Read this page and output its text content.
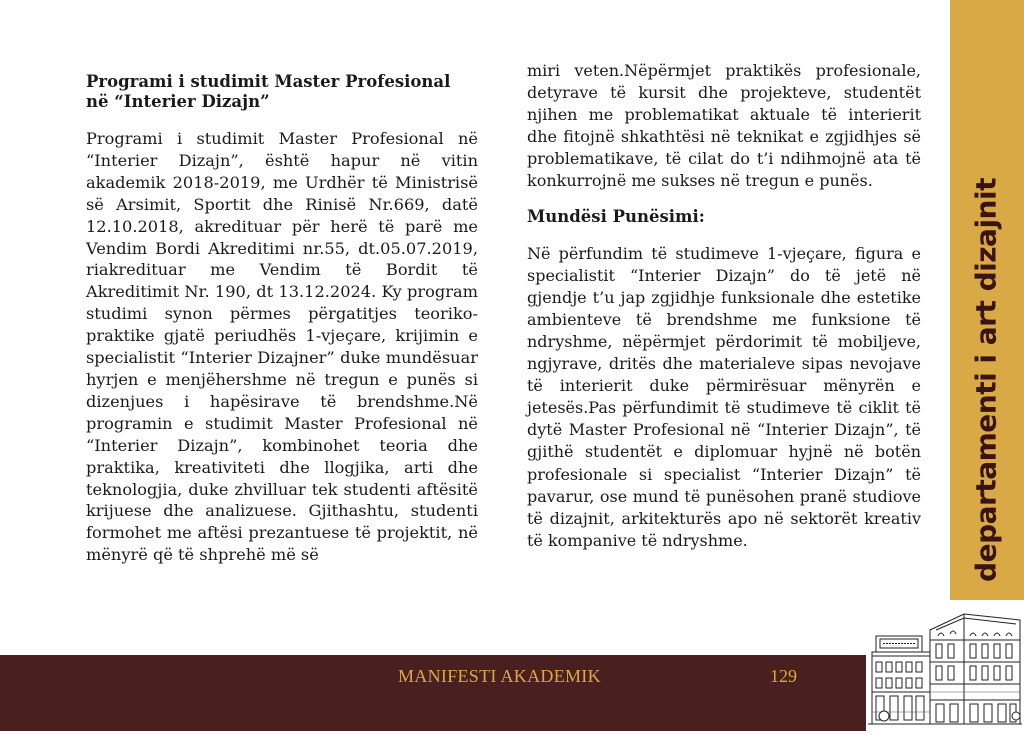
Programi i studimit Master Profesional
në “Interier Dizajn”

Programi i studimit Master Profesional në “Interier Dizajn”, është hapur në vitin akademik 2018-2019, me Urdhër të Ministrisë së Arsimit, Sportit dhe Rinisë Nr.669, datë 12.10.2018, akredituar për herë të parë me Vendim Bordi Akreditimi nr.55, dt.05.07.2019, riakredituar me Vendim të Bordit të Akreditimit Nr. 190, dt 13.12.2024. Ky program studimi synon përmes përgatitjes teoriko-praktike gjatë periudhës 1-vjeçare, krijimin e specialistit “Interier Dizajner” duke mundësuar hyrjen e menjëhershme në tregun e punës si dizenjues i hapësirave të brendshme.Në programin e studimit Master Profesional në “Interier Dizajn”, kombinohet teoria dhe praktika, kreativiteti dhe llogjika, arti dhe teknologjia, duke zhvilluar tek studenti aftësitë krijuese dhe analizuese. Gjithashtu, studenti formohet me aftësi prezantuese të projektit, në mënyrë që të shprehë më së

miri veten.Nëpërmjet praktikës profesionale, detyrave të kursit dhe projekteve, studentët njihen me problematikat aktuale të interierit dhe fitojnë shkathtësi në teknikat e zgjidhjes së problematikave, të cilat do t’i ndihmojnë ata të konkurrojnë me sukses në tregun e punës.

Mundësi Punësimi:

Në përfundim të studimeve 1-vjeçare, figura e specialistit “Interier Dizajn” do të jetë në gjendje t’u jap zgjidhje funksionale dhe estetike ambienteve të brendshme me funksione të ndryshme, nëpërmjet përdorimit të mobiljeve, ngjyrave, dritës dhe materialeve sipas nevojave të interierit duke përmirësuar mënyrën e jetesës.Pas përfundimit të studimeve të ciklit të dytë Master Profesional në “Interier Dizajn”, të gjithë studentët e diplomuar hyjnë në botën profesionale si specialist “Interier Dizajn” të pavarur, ose mund të punësohen pranë studiove të dizajnit, arkitekturës apo në sektorët kreativ të kompanive të ndryshme.	departamenti i art dizajnit
MANIFESTI AKADEMIK	129
